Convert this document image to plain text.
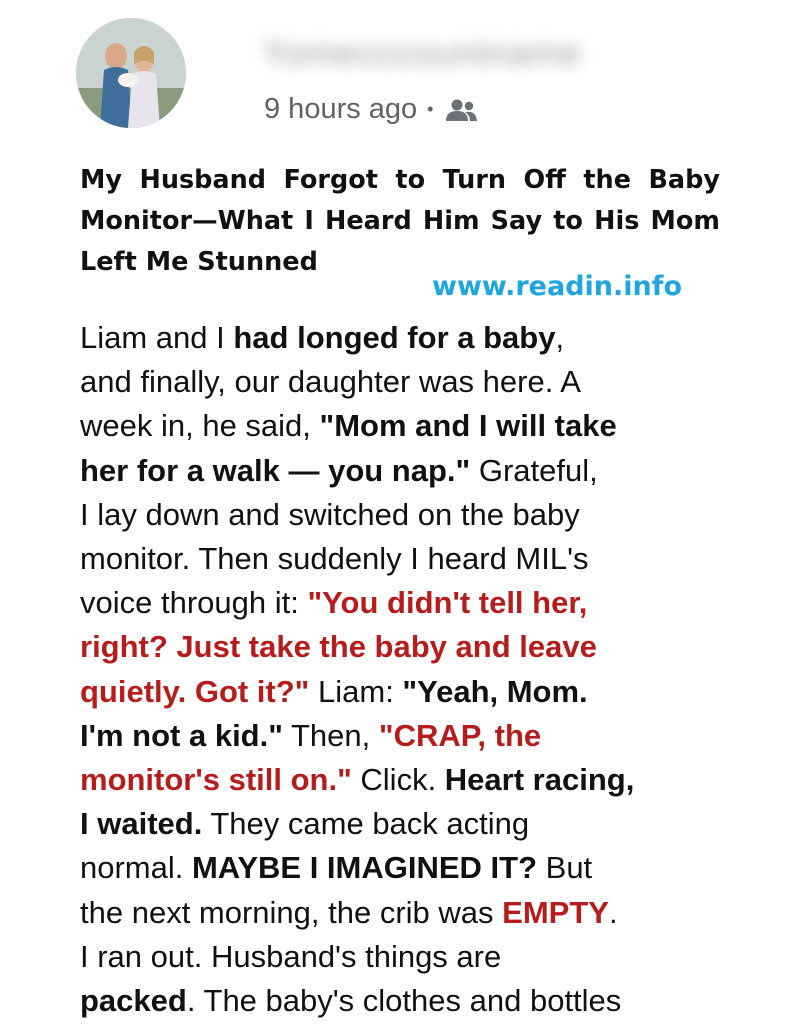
Yomecccountname
9 hours ago •
My Husband Forgot to Turn Off the Baby Monitor—What I Heard Him Say to His Mom Left Me Stunned
www.readin.info
Liam and I had longed for a baby,
and finally, our daughter was here. A
week in, he said, "Mom and I will take
her for a walk — you nap." Grateful,
I lay down and switched on the baby
monitor. Then suddenly I heard MIL's
voice through it: "You didn't tell her,
right? Just take the baby and leave
quietly. Got it?" Liam: "Yeah, Mom.
I'm not a kid." Then, "CRAP, the
monitor's still on." Click. Heart racing,
I waited. They came back acting
normal. MAYBE I IMAGINED IT? But
the next morning, the crib was EMPTY.
I ran out. Husband's things are
packed. The baby's clothes and bottles
